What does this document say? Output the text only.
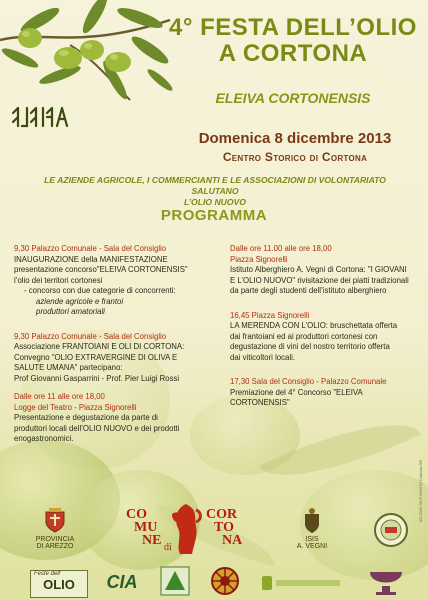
4° FESTA DELL’OLIO
A CORTONA
ELEIVA CORTONENSIS
Domenica 8 dicembre 2013
Centro Storico di Cortona
LE AZIENDE AGRICOLE, I COMMERCIANTI E LE ASSOCIAZIONI DI VOLONTARIATO SALUTANO
L’OLIO NUOVO
PROGRAMMA
9,30 Palazzo Comunale - Sala del Consiglio
INAUGURAZIONE della MANIFESTAZIONE
presentazione concorso"ELEIVA CORTONENSIS"
l’olio dei territori cortonesi
- concorso con due categorie di concorrenti:
aziende agricole e frantoi
produttori amatoriali
9,30 Palazzo Comunale - Sala del Consiglio
Associazione FRANTOIANI E OLI DI CORTONA:
Convegno "OLIO EXTRAVERGINE DI OLIVA E
SALUTE UMANA" partecipano:
Prof Giovanni Gasparrini - Prof. Pier Luigi Rossi
Dalle ore 11 alle ore 18,00
Logge del Teatro - Piazza Signorelli
Presentazione e degustazione da parte di
produttori locali dell’OLIO NUOVO e dei prodotti
enogastronomici.
Dalle ore 11.00 alle ore 18,00
Piazza Signorelli
Istituto Alberghiero A. Vegni di Cortona: "I GIOVANI
E L’OLIO NUOVO" rivisitazione dei piatti tradizionali
da parte degli studenti dell’istituto alberghiero
16,45 Piazza Signorelli
LA MERENDA CON L’OLIO: bruschettata offerta
dai frantoiani ed ai produttori cortonesi con
degustazione di vini del nostro territorio offerta
dai viticoltori locali.
17,30 Sala del Consiglio - Palazzo Comunale
Premiazione del 4° Concorso "ELEIVA
CORTONENSIS"
PROVINCIA
DI AREZZO
CO
MU
NE di
COR
TO
NA	ISIS
A. VEGNI
Feste dell'
OLIO	CIA
AD DMX 0575 601578 Cortona GB
